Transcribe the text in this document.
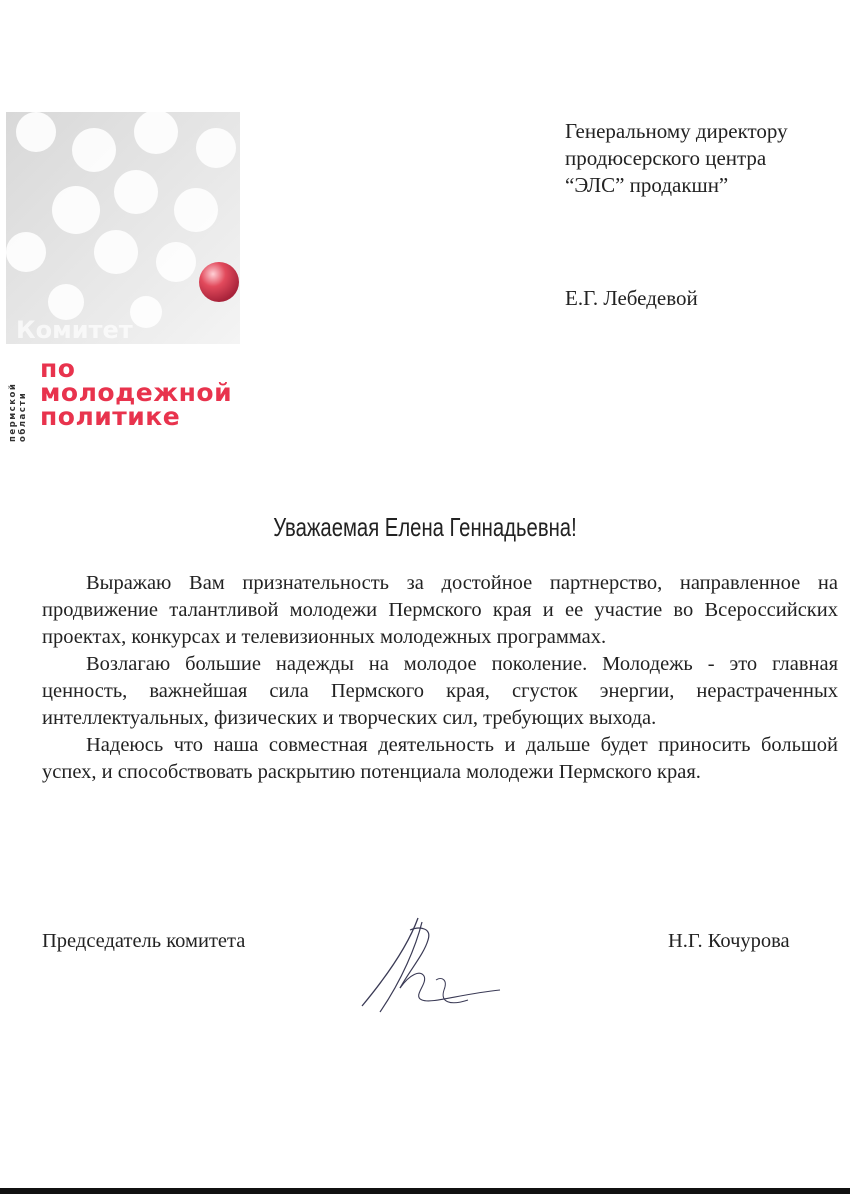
Комитет
пермской области
по
молодежной
политике
Генеральному директору
продюсерского центра
“ЭЛС” продакшн”
Е.Г. Лебедевой
Уважаемая Елена Геннадьевна!

Выражаю Вам признательность за достойное партнерство, направленное на продвижение талантливой молодежи Пермского края и ее участие во Всероссийских проектах, конкурсах и телевизионных молодежных программах.

Возлагаю большие надежды на молодое поколение. Молодежь - это главная ценность, важнейшая сила Пермского края, сгусток энергии, нерастраченных интеллектуальных, физических и творческих сил, требующих выхода.

Надеюсь что наша совместная деятельность и дальше будет приносить большой успех, и способствовать раскрытию потенциала молодежи Пермского края.

Председатель комитета	Н.Г. Кочурова
